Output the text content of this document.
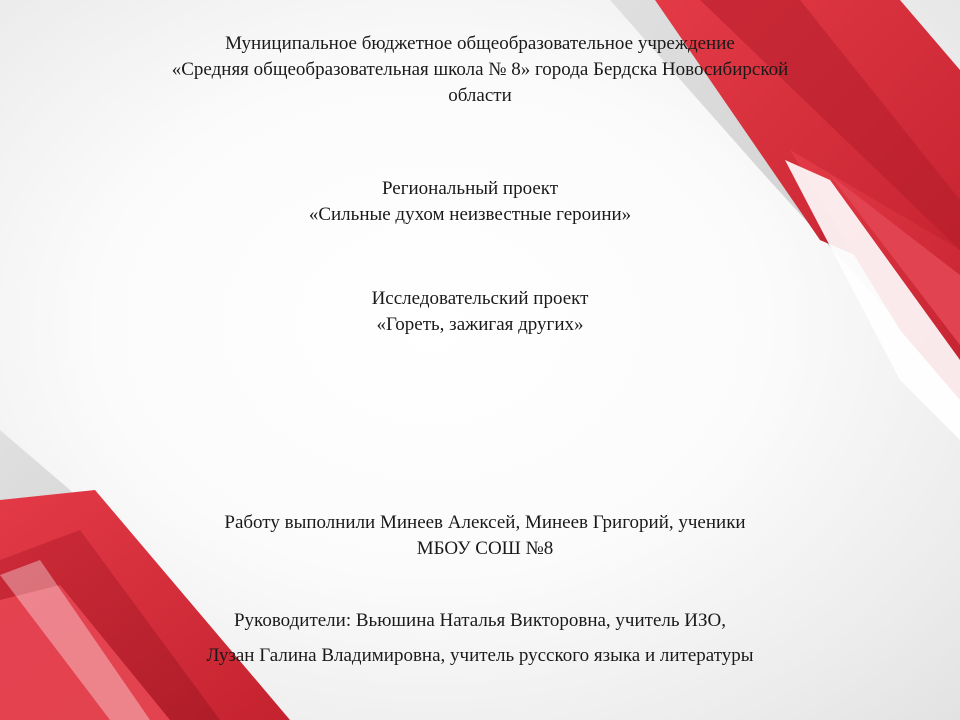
Муниципальное бюджетное общеобразовательное учреждение
«Средняя общеобразовательная школа № 8» города Бердска Новосибирской
области
Региональный проект
«Сильные духом неизвестные героини»
Исследовательский проект
«Гореть, зажигая других»
Работу выполнили Минеев Алексей, Минеев Григорий, ученики
МБОУ СОШ №8
Руководители: Вьюшина Наталья Викторовна, учитель ИЗО,
Лузан Галина Владимировна, учитель русского языка и литературы
